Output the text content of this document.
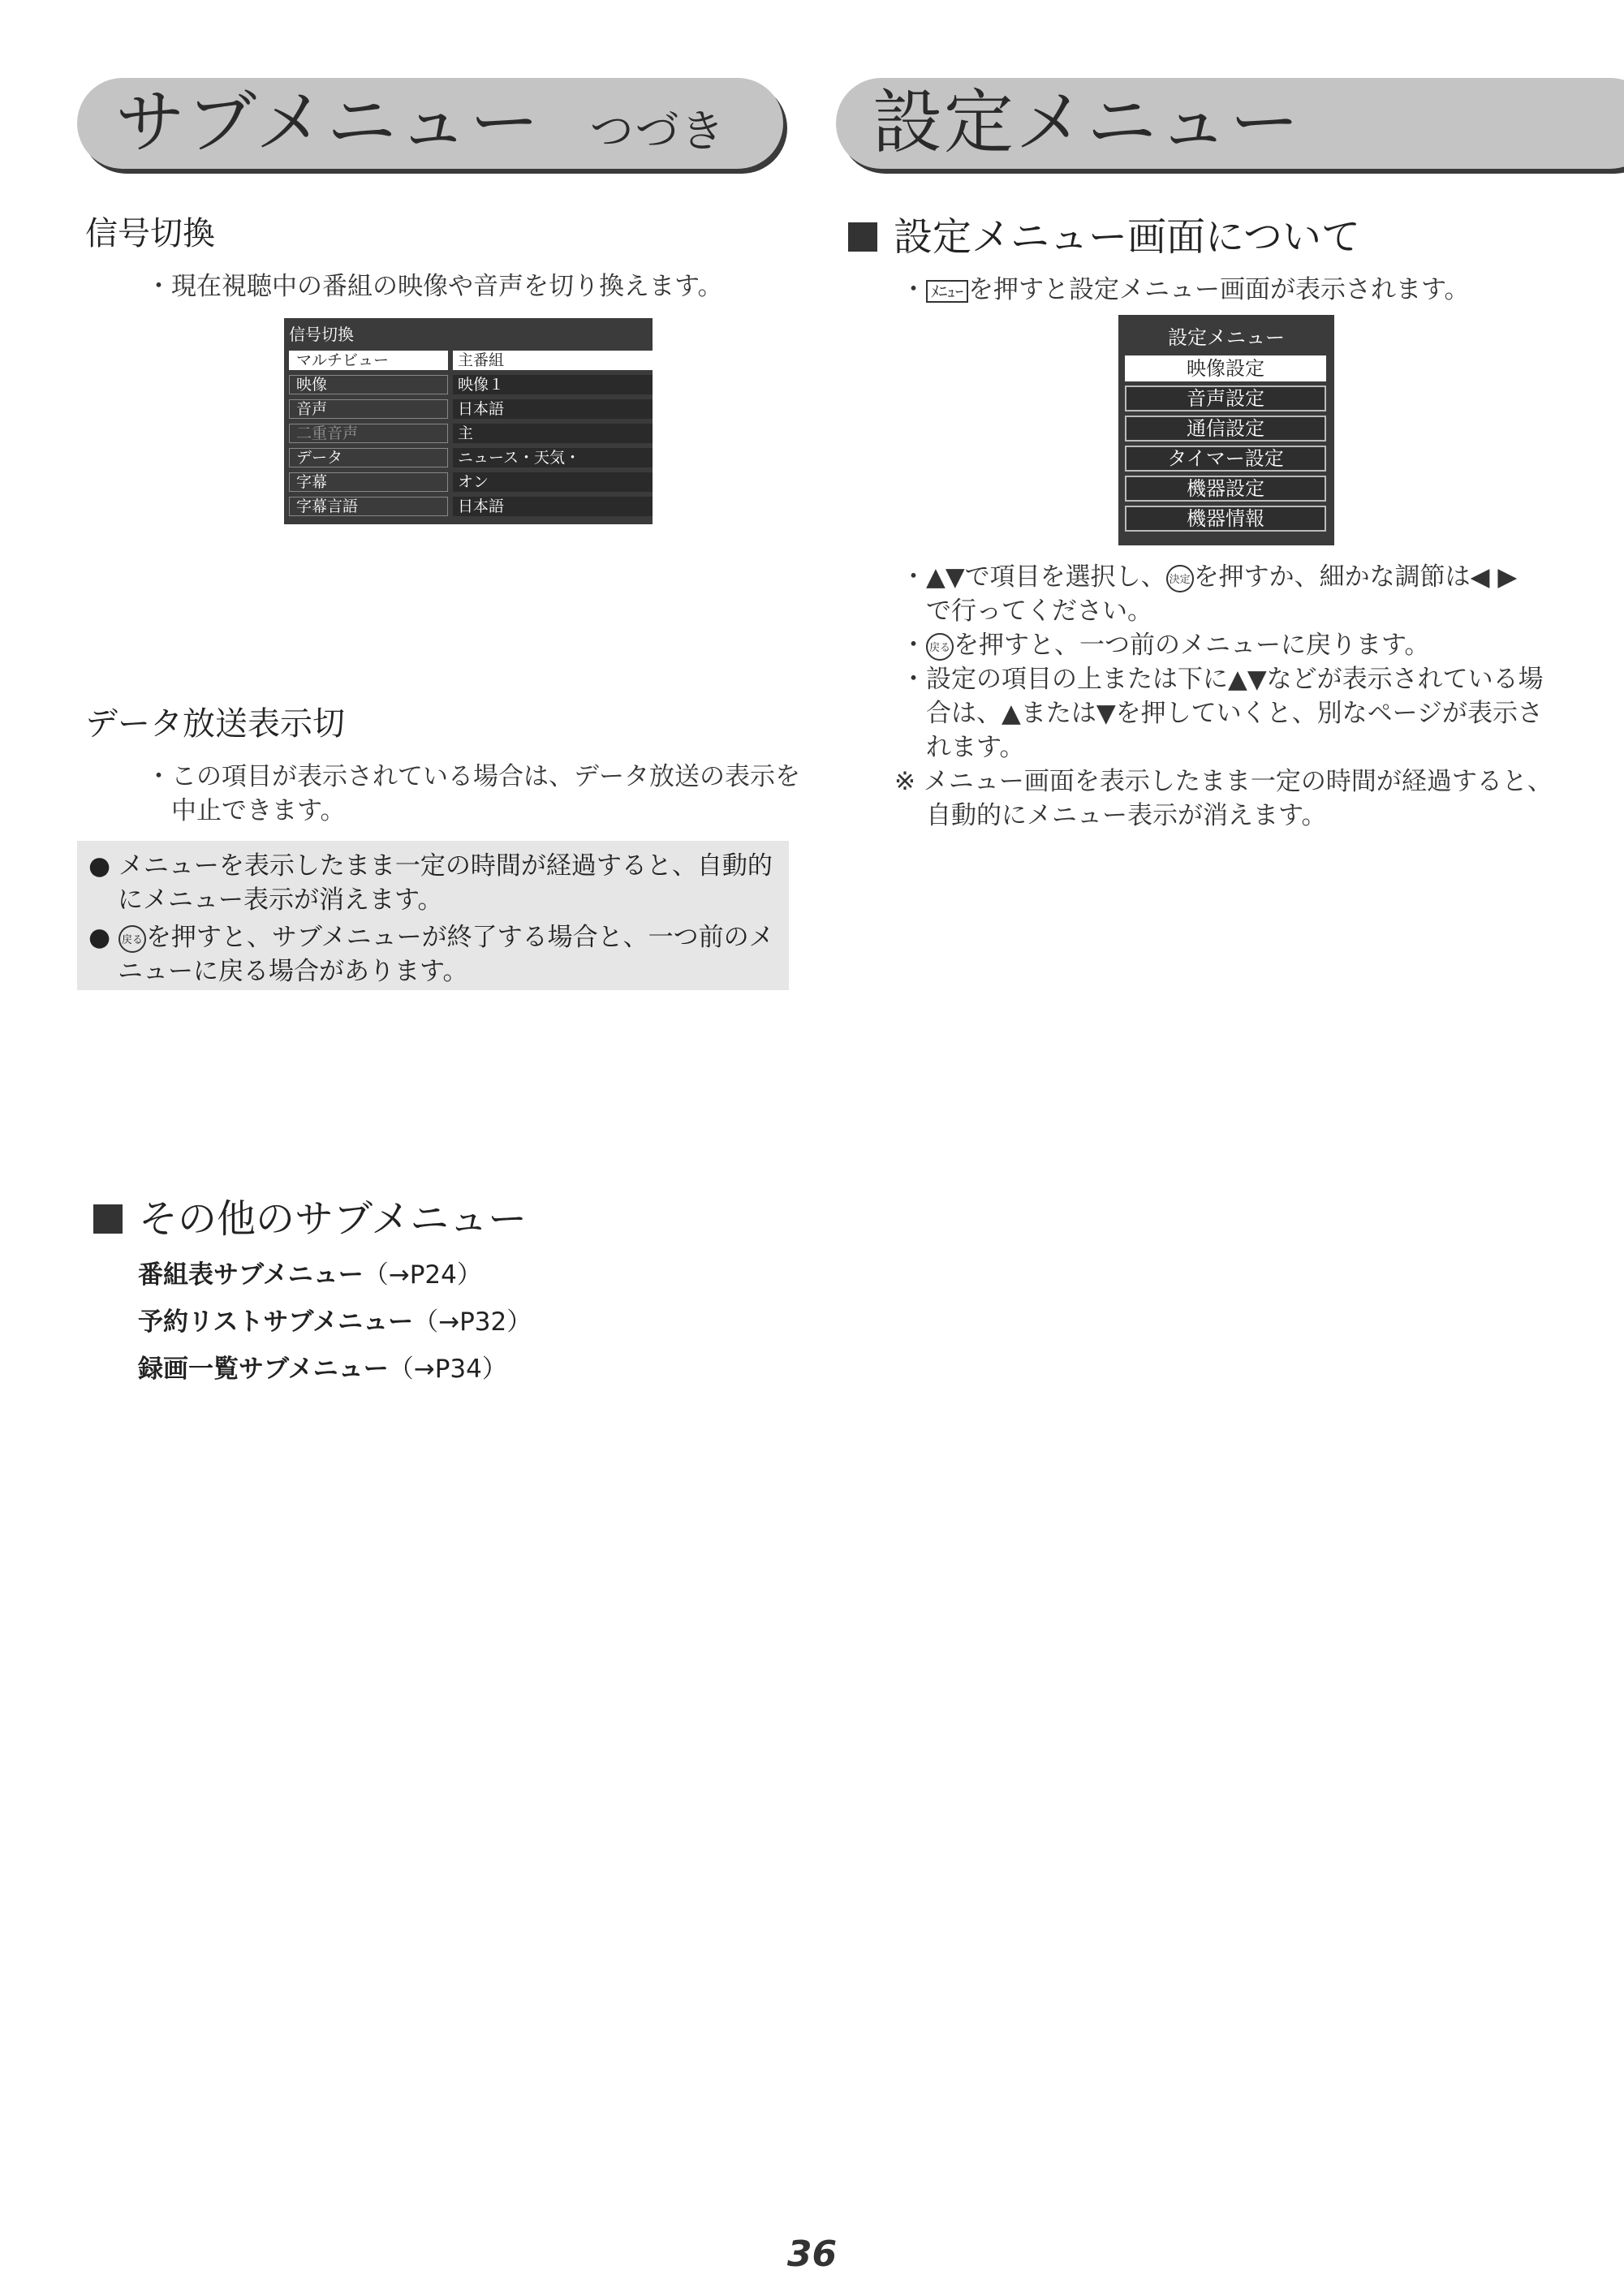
サブメニュー つづき 設定メニュー
信号切換
・現在視聴中の番組の映像や音声を切り換えます。
信号切換
マルチビュー	主番組
映像	映像１
音声	日本語
二重音声	主
データ	ニュース・天気・
字幕	オン
字幕言語	日本語
データ放送表示切
・この項目が表示されている場合は、データ放送の表示を
中止できます。
● メニューを表示したまま一定の時間が経過すると、自動的
にメニュー表示が消えます。
● 戻る を押すと、サブメニューが終了する場合と、一つ前のメ
ニューに戻る場合があります。
その他のサブメニュー
番組表サブメニュー（→P24）
予約リストサブメニュー（→P32）
録画一覧サブメニュー（→P34）
設定メニュー画面について
・ ﾒﾆｭｰ を押すと設定メニュー画面が表示されます。
設定メニュー
映像設定
音声設定
通信設定
タイマー設定
機器設定
機器情報
・▲▼で項目を選択し、 決定 を押すか、細かな調節は◀ ▶
で行ってください。
・ 戻る を押すと、一つ前のメニューに戻ります。
・設定の項目の上または下に▲▼などが表示されている場
合は、▲または▼を押していくと、別なページが表示さ
れます。
※ メニュー画面を表示したまま一定の時間が経過すると、
自動的にメニュー表示が消えます。
36
